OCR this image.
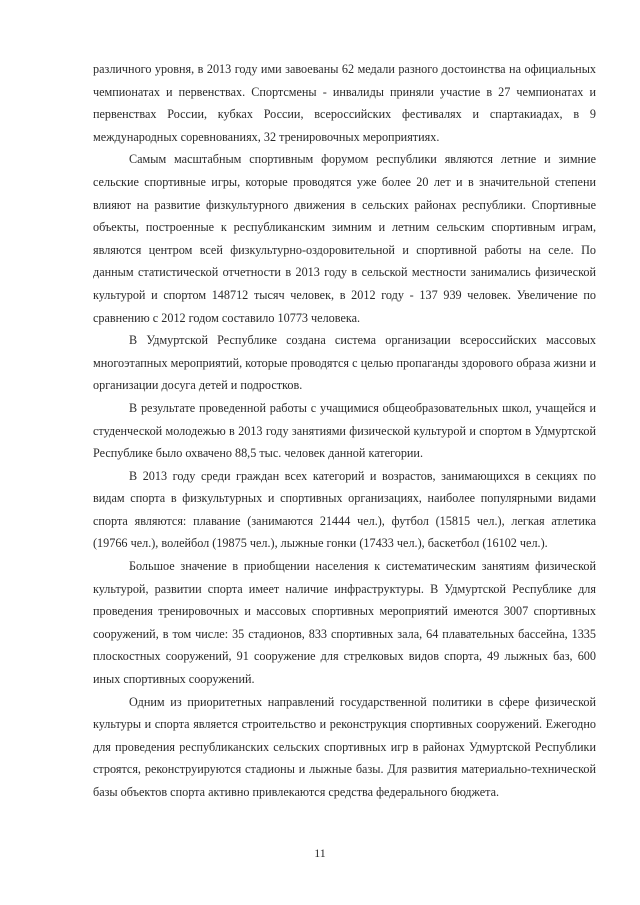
различного уровня, в 2013 году ими завоеваны 62 медали разного достоинства на официальных чемпионатах и первенствах. Спортсмены - инвалиды приняли участие в 27 чемпионатах и первенствах России, кубках России, всероссийских фестивалях и спартакиадах, в 9 международных соревнованиях, 32 тренировочных мероприятиях.

Самым масштабным спортивным форумом республики являются летние и зимние сельские спортивные игры, которые проводятся уже более 20 лет и в значительной степени влияют на развитие физкультурного движения в сельских районах республики. Спортивные объекты, построенные к республиканским зимним и летним сельским спортивным играм, являются центром всей физкультурно-оздоровительной и спортивной работы на селе. По данным статистической отчетности в 2013 году в сельской местности занимались физической культурой и спортом 148712 тысяч человек, в 2012 году - 137 939 человек. Увеличение по сравнению с 2012 годом составило 10773 человека.

В Удмуртской Республике создана система организации всероссийских массовых многоэтапных мероприятий, которые проводятся с целью пропаганды здорового образа жизни и организации досуга детей и подростков.

В результате проведенной работы с учащимися общеобразовательных школ, учащейся и студенческой молодежью в 2013 году занятиями физической культурой и спортом в Удмуртской Республике было охвачено 88,5 тыс. человек данной категории.

В 2013 году среди граждан всех категорий и возрастов, занимающихся в секциях по видам спорта в физкультурных и спортивных организациях, наиболее популярными видами спорта являются: плавание (занимаются 21444 чел.), футбол (15815 чел.), легкая атлетика (19766 чел.), волейбол (19875 чел.), лыжные гонки (17433 чел.), баскетбол (16102 чел.).

Большое значение в приобщении населения к систематическим занятиям физической культурой, развитии спорта имеет наличие инфраструктуры. В Удмуртской Республике для проведения тренировочных и массовых спортивных мероприятий имеются 3007 спортивных сооружений, в том числе: 35 стадионов, 833 спортивных зала, 64 плавательных бассейна, 1335 плоскостных сооружений, 91 сооружение для стрелковых видов спорта, 49 лыжных баз, 600 иных спортивных сооружений.

Одним из приоритетных направлений государственной политики в сфере физической культуры и спорта является строительство и реконструкция спортивных сооружений. Ежегодно для проведения республиканских сельских спортивных игр в районах Удмуртской Республики строятся, реконструируются стадионы и лыжные базы. Для развития материально-технической базы объектов спорта активно привлекаются средства федерального бюджета.

11
